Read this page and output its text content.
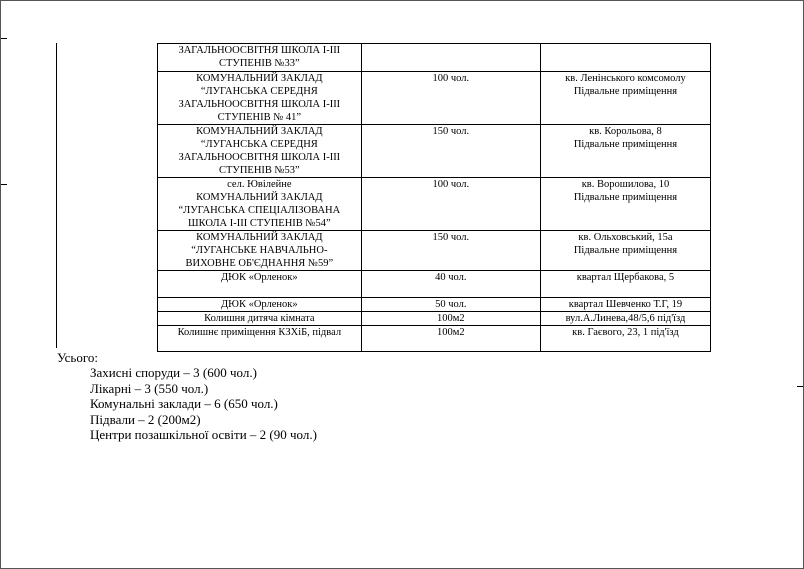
ЗАГАЛЬНООСВІТНЯ ШКОЛА І-ІІІ
СТУПЕНІВ №33”		

КОМУНАЛЬНИЙ ЗАКЛАД
“ЛУГАНСЬКА СЕРЕДНЯ
ЗАГАЛЬНООСВІТНЯ ШКОЛА І-ІІІ
СТУПЕНІВ № 41”	100 чол.	кв. Ленінського комсомолу
Підвальне приміщення

КОМУНАЛЬНИЙ ЗАКЛАД
“ЛУГАНСЬКА СЕРЕДНЯ
ЗАГАЛЬНООСВІТНЯ ШКОЛА І-ІІІ
СТУПЕНІВ №53”	150 чол.	кв. Корольова, 8
Підвальне приміщення

сел. Ювілейне
КОМУНАЛЬНИЙ ЗАКЛАД
“ЛУГАНСЬКА СПЕЦІАЛІЗОВАНА
ШКОЛА І-ІІІ СТУПЕНІВ №54”	100 чол.	кв. Ворошилова, 10
Підвальне приміщення

КОМУНАЛЬНИЙ ЗАКЛАД
“ЛУГАНСЬКЕ НАВЧАЛЬНО-
ВИХОВНЕ ОБ'ЄДНАННЯ №59”	150 чол.	кв. Ольховський, 15а
Підвальне приміщення

ДЮК «Орленок»	40 чол.	квартал Щербакова, 5

ДЮК «Орленок»	50 чол.	квартал Шевченко Т.Г, 19

Колишня дитяча кімната	100м2	вул.А.Линева,48/5,6 під'їзд

Колишнє приміщення КЗХіБ, підвал	100м2	кв. Гаєвого, 23, 1 під'їзд
Усього:
Захисні споруди – 3 (600 чол.)
Лікарні – 3 (550 чол.)
Комунальні заклади – 6 (650 чол.)
Підвали – 2 (200м2)
Центри позашкільної освіти – 2 (90 чол.)
